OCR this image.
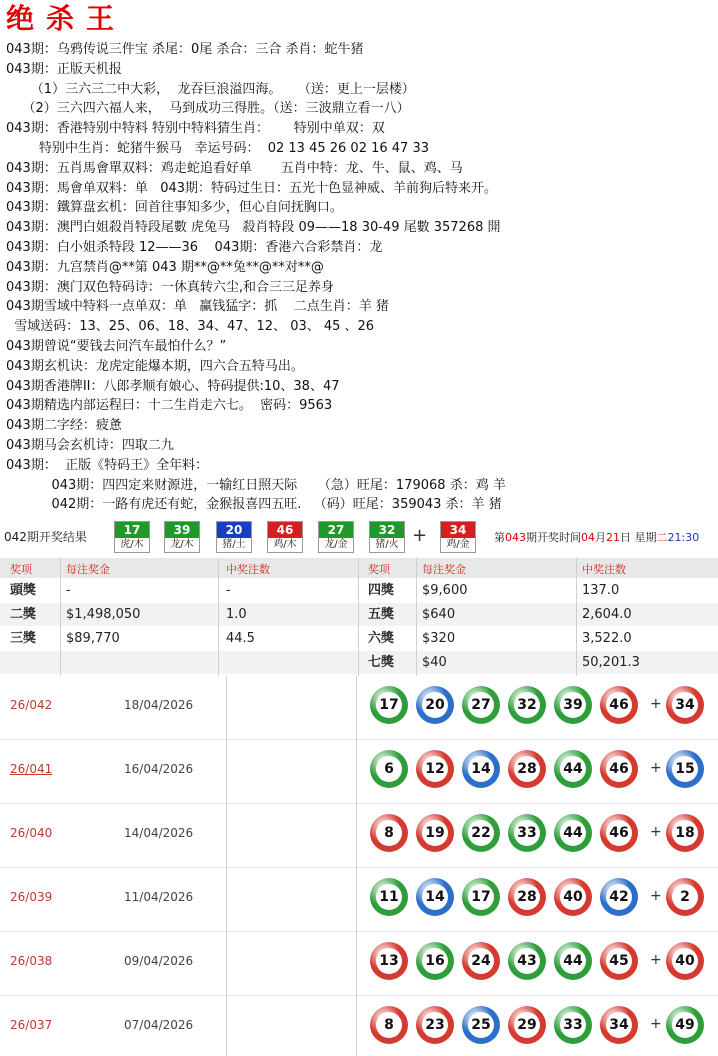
绝杀王
043期：乌鸦传说三件宝 杀尾：0尾 杀合：三合 杀肖：蛇牛猪
043期：正版天机报
（1）三六三二中大彩，  龙吞巨浪溢四海。    （送：更上一层楼）
（2）三六四六福人来，  马到成功三得胜。（送：三波鼎立看一八）
043期：香港特别中特料 特别中特料猜生肖：      特别中单双：双
特别中生肖：蛇猪牛猴马   幸运号码：  02 13 45 26 02 16 47 33
043期：五肖馬會單双料：鸡走蛇追看好单       五肖中特：龙、牛、鼠、鸡、马
043期：馬會单双料：单   043期：特码过生日：五光十色显神威、羊前狗后特来开。
043期：鐵算盘玄机：回首往事知多少，但心自问抚胸口。
043期：澳門白姐殺肖特段尾數 虎兔马   殺肖特段 09——18 30-49 尾數 357268 開
043期：白小姐杀特段 12——36    043期：香港六合彩禁肖：龙
043期：九宫禁肖@**第 043 期**@**兔**@**对**@
043期：澳门双色特码诗：一休真转六尘,和合三三足养身
043期雪域中特料一点单双：单   赢钱猛字：抓    二点生肖：羊 猪
雪域送码：13、25、06、18、34、47、12、 03、 45 、26
043期曾说“要钱去问汽车最怕什么？”
043期玄机诀：龙虎定能爆本期，四六合五特马出。
043期香港牌II：八郎孝顺有娘心、特码提供:10、38、47
043期精选内部运程曰：十二生肖走六七。  密码：9563
043期二字经：疲惫
043期马会玄机诗：四取二九
043期：  正版《特码王》全年料：
043期：四四定来财源进，一输红日照天际     （急）旺尾：179068 杀：鸡 羊
042期：一路有虎还有蛇，金猴报喜四五旺.   （码）旺尾：359043 杀：羊 猪
042期开奖结果	17
虎/木
39
龙/木
20
猪/土
46
鸡/木
27
龙/金
32
猪/火 +	34
鸡/金
第043期开奖时间04月21日 星期二21:30
奖项	每注奖金	中奖注数	奖项	每注奖金	中奖注数
頭獎 -	-	四獎 $9,600	137.0
二獎 $1,498,050	1.0	五獎 $640	2,604.0
三獎 $89,770	44.5	六獎 $320	3,522.0
七獎 $40	50,201.3
26/042	18/04/2026	17 20 27 32 39 46 + 34
26/041	16/04/2026	6	12 14 28 44 46 + 15
26/040	14/04/2026	8	19 22 33 44 46 + 18
26/039	11/04/2026	11 14 17 28 40 42 +	2
26/038	09/04/2026	13 16 24 43 44 45 + 40
26/037	07/04/2026	8	23 25 29 33 34 + 49
